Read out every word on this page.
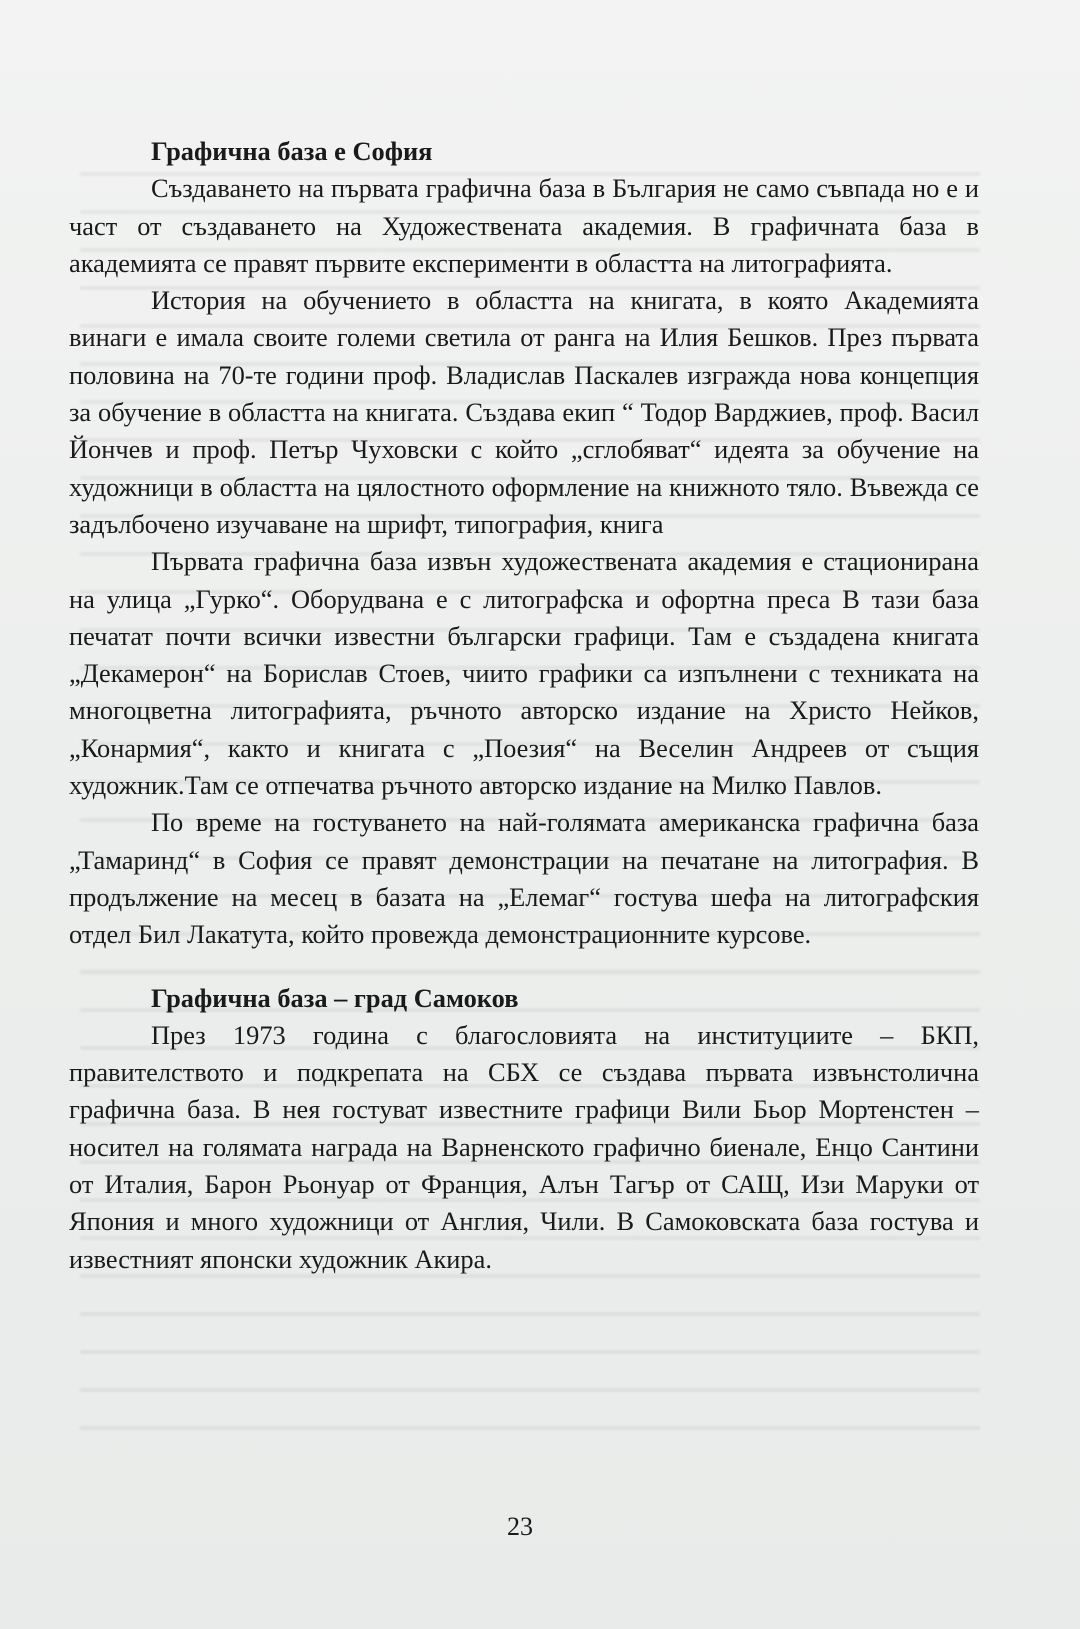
Графична база е София

Създаването на първата графична база в България не само съвпада но е и част от създаването на Художествената академия. В графичната база в академията се правят първите експерименти в областта на литографията.

История на обучението в областта на книгата, в която Академията винаги е имала своите големи светила от ранга на Илия Бешков. През първата половина на 70-те години проф. Владислав Паскалев изгражда нова концепция за обучение в областта на книгата. Създава екип “ Тодор Варджиев, проф. Васил Йончев и проф. Петър Чуховски с който „сглобяват“ идеята за обучение на художници в областта на цялостното оформление на книжното тяло. Въвежда се задълбочено изучаване на шрифт, типография, книга

Първата графична база извън художествената академия е стационирана на улица „Гурко“. Оборудвана е с литографска и офортна преса В тази база печатат почти всички известни български графици. Там е създадена книгата „Декамерон“ на Борислав Стоев, чиито графики са изпълнени с техниката на многоцветна литографията, ръчното авторско издание на Христо Нейков, „Конармия“, както и книгата с „Поезия“ на Веселин Андреев от същия художник.Там се отпечатва ръчното авторско издание на Милко Павлов.

По време на гостуването на най-голямата американска графична база „Тамаринд“ в София се правят демонстрации на печатане на литография. В продължение на месец в базата на „Елемаг“ гостува шефа на литографския отдел Бил Лакатута, който провежда демонстрационните курсове.

Графична база – град Самоков

През 1973 година с благословията на институциите – БКП, правителството и подкрепата на СБХ се създава първата извънстолична графична база. В нея гостуват известните графици Вили Бьор Мортенстен – носител на голямата награда на Варненското графично биенале, Енцо Сантини от Италия, Барон Рьонуар от Франция, Алън Тагър от САЩ, Изи Маруки от Япония и много художници от Англия, Чили. В Самоковската база гостува и известният японски художник Акира.

23
